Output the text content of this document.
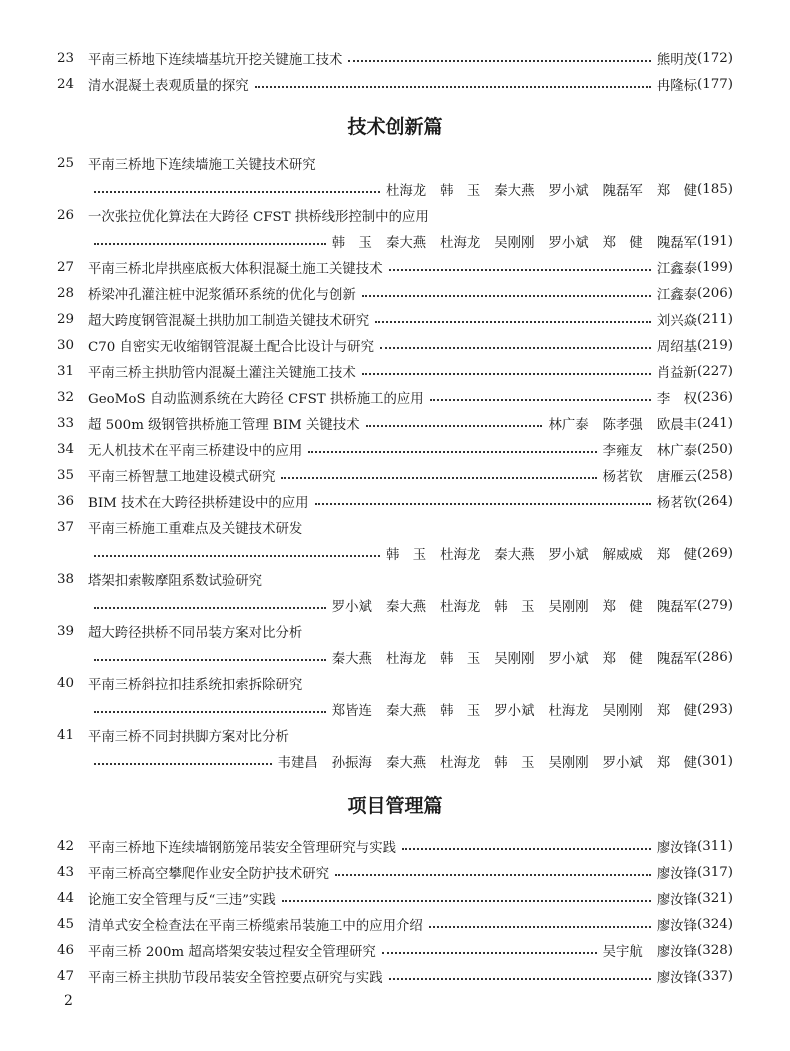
23	平南三桥地下连续墙基坑开挖关键施工技术	熊明茂 (172)
24	清水混凝土表观质量的探究	冉隆标 (177)
技术创新篇
25	平南三桥地下连续墙施工关键技术研究
杜海龙 韩　玉 秦大燕 罗小斌 隗磊军 郑　健 (185)
26	一次张拉优化算法在大跨径 CFST 拱桥线形控制中的应用
韩　玉 秦大燕 杜海龙 吴刚刚 罗小斌 郑　健 隗磊军 (191)
27	平南三桥北岸拱座底板大体积混凝土施工关键技术	江鑫泰 (199)
28	桥梁冲孔灌注桩中泥浆循环系统的优化与创新	江鑫泰 (206)
29	超大跨度钢管混凝土拱肋加工制造关键技术研究	刘兴焱 (211)
30	C70 自密实无收缩钢管混凝土配合比设计与研究	周绍基 (219)
31	平南三桥主拱肋管内混凝土灌注关键施工技术	肖益新 (227)
32	GeoMoS 自动监测系统在大跨径 CFST 拱桥施工的应用	李　权 (236)
33	超 500m 级钢管拱桥施工管理 BIM 关键技术	林广泰 陈孝强 欧晨丰 (241)
34	无人机技术在平南三桥建设中的应用	李雍友 林广泰 (250)
35	平南三桥智慧工地建设模式研究	杨茗钦 唐雁云 (258)
36	BIM 技术在大跨径拱桥建设中的应用	杨茗钦 (264)
37	平南三桥施工重难点及关键技术研发
韩　玉 杜海龙 秦大燕 罗小斌 解威威 郑　健 (269)
38	塔架扣索鞍摩阻系数试验研究
罗小斌 秦大燕 杜海龙 韩　玉 吴刚刚 郑　健 隗磊军 (279)
39	超大跨径拱桥不同吊装方案对比分析
秦大燕 杜海龙 韩　玉 吴刚刚 罗小斌 郑　健 隗磊军 (286)
40	平南三桥斜拉扣挂系统扣索拆除研究
郑皆连 秦大燕 韩　玉 罗小斌 杜海龙 吴刚刚 郑　健 (293)
41	平南三桥不同封拱脚方案对比分析
韦建昌 孙振海 秦大燕 杜海龙 韩　玉 吴刚刚 罗小斌 郑　健 (301)
项目管理篇
42	平南三桥地下连续墙钢筋笼吊装安全管理研究与实践	廖汝锋 (311)
43	平南三桥高空攀爬作业安全防护技术研究	廖汝锋 (317)
44	论施工安全管理与反“三违”实践	廖汝锋 (321)
45	清单式安全检查法在平南三桥缆索吊装施工中的应用介绍	廖汝锋 (324)
46	平南三桥 200m 超高塔架安装过程安全管理研究	吴宇航 廖汝锋 (328)
47	平南三桥主拱肋节段吊装安全管控要点研究与实践	廖汝锋 (337)
2
